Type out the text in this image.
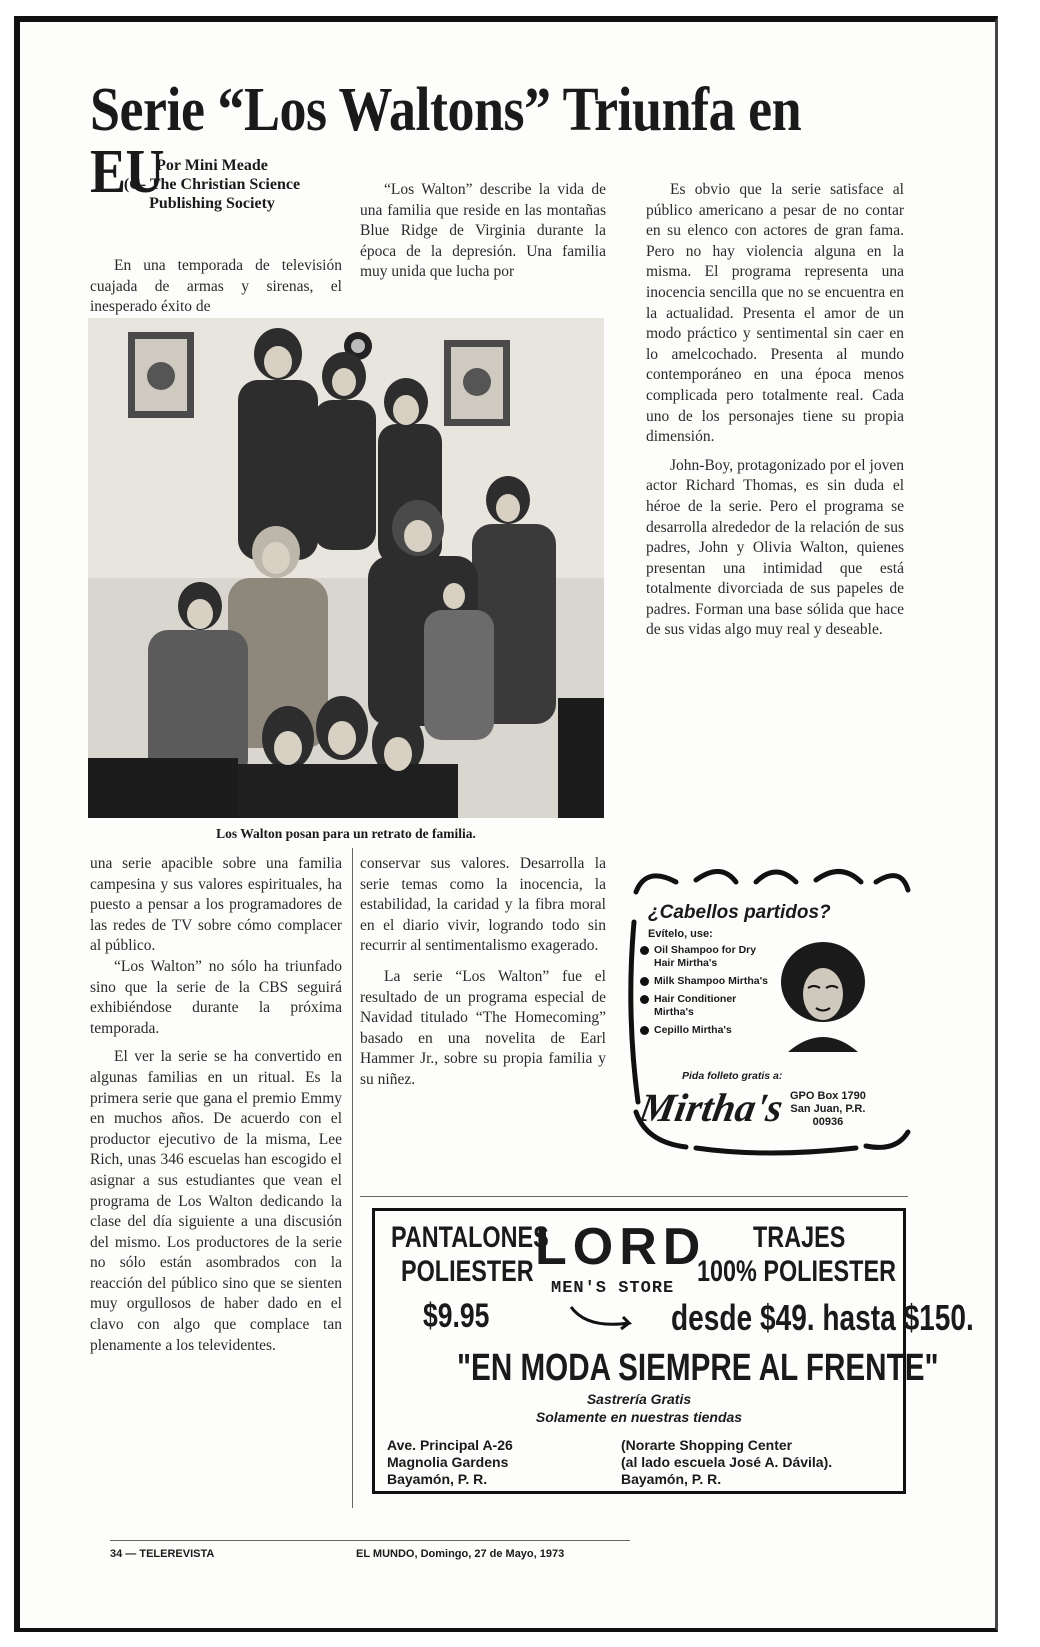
Serie “Los Waltons” Triunfa en EU
Por Mini Meade
(C- The Christian Science
Publishing Society

En una temporada de televisión cuajada de armas y sirenas, el inesperado éxito de

“Los Walton” describe la vida de una familia que reside en las montañas Blue Ridge de Virginia durante la época de la depresión. Una familia muy unida que lucha por

Es obvio que la serie satisface al público americano a pesar de no contar en su elenco con actores de gran fama. Pero no hay violencia alguna en la misma. El programa representa una inocencia sencilla que no se encuentra en la actualidad. Presenta el amor de un modo práctico y sentimental sin caer en lo amelcochado. Presenta al mundo contemporáneo en una época menos complicada pero totalmente real. Cada uno de los personajes tiene su propia dimensión.

John-Boy, protagonizado por el joven actor Richard Thomas, es sin duda el héroe de la serie. Pero el programa se desarrolla alrededor de la relación de sus padres, John y Olivia Walton, quienes presentan una intimidad que está totalmente divorciada de sus papeles de padres. Forman una base sólida que hace de sus vidas algo muy real y deseable.

Los Walton posan para un retrato de familia.

una serie apacible sobre una familia campesina y sus valores espirituales, ha puesto a pensar a los programadores de las redes de TV sobre cómo complacer al público.

“Los Walton” no sólo ha triunfado sino que la serie de la CBS seguirá exhibiéndose durante la próxima temporada.

El ver la serie se ha convertido en algunas familias en un ritual. Es la primera serie que gana el premio Emmy en muchos años. De acuerdo con el productor ejecutivo de la misma, Lee Rich, unas 346 escuelas han escogido el asignar a sus estudiantes que vean el programa de Los Walton dedicando la clase del día siguiente a una discusión del mismo. Los productores de la serie no sólo están asombrados con la reacción del público sino que se sienten muy orgullosos de haber dado en el clavo con algo que complace tan plenamente a los televidentes.

conservar sus valores. Desarrolla la serie temas como la inocencia, la estabilidad, la caridad y la fibra moral en el diario vivir, logrando todo sin recurrir al sentimentalismo exagerado.

La serie “Los Walton” fue el resultado de un programa especial de Navidad titulado “The Homecoming” basado en una novelita de Earl Hammer Jr., sobre su propia familia y su niñez.

¿Cabellos partidos?
Evítelo, use:
Oil Shampoo for Dry Hair Mirtha's
Milk Shampoo Mirtha's
Hair Conditioner Mirtha's
Cepillo Mirtha's
Pida folleto gratis a:
Mirtha's GPO Box 1790
San Juan, P.R.
00936
PANTALONES
POLIESTER
$9.95
LORD
MEN'S STORE
TRAJES
100% POLIESTER
desde $49. hasta $150.
"EN MODA SIEMPRE AL FRENTE"
Sastrería Gratis
Solamente en nuestras tiendas
Ave. Principal A-26
Magnolia Gardens
Bayamón, P. R.
(Norarte Shopping Center
(al lado escuela José A. Dávila).
Bayamón, P. R.
34 — TELEREVISTA	EL MUNDO, Domingo, 27 de Mayo, 1973
